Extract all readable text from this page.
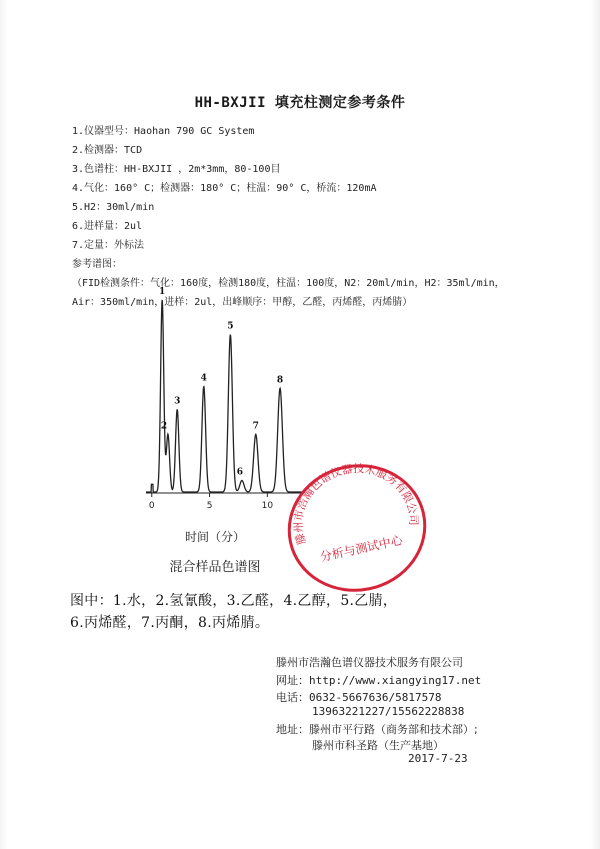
HH-BXJII 填充柱测定参考条件
1.仪器型号：Haohan 790 GC System
2.检测器：TCD
3.色谱柱：HH-BXJII ，2m*3mm，80-100目
4.气化：160° C；检测器：180° C；柱温：90° C，桥流：120mA
5.H2：30ml/min
6.进样量：2ul
7.定量：外标法
参考谱图：
（FID检测条件：气化：160度，检测180度，柱温：100度，N2：20ml/min，H2：35ml/min，
Air：350ml/min，进样：2ul，出峰顺序：甲醇，乙醛，丙烯醛，丙烯腈）
0	5	10
1
2
3
4
5
6
7
8
时间（分）
混合样品色谱图
图中：1.水，2.氢氰酸，3.乙醛，4.乙醇，5.乙腈，
6.丙烯醛，7.丙酮，8.丙烯腈。
滕州市浩瀚色谱仪器技术服务有限公司
分析与测试中心
滕州市浩瀚色谱仪器技术服务有限公司
网址：http://www.xiangying17.net
电话：0632-5667636/5817578
13963221227/15562228838
地址：滕州市平行路（商务部和技术部）;
滕州市科圣路（生产基地）
2017-7-23
